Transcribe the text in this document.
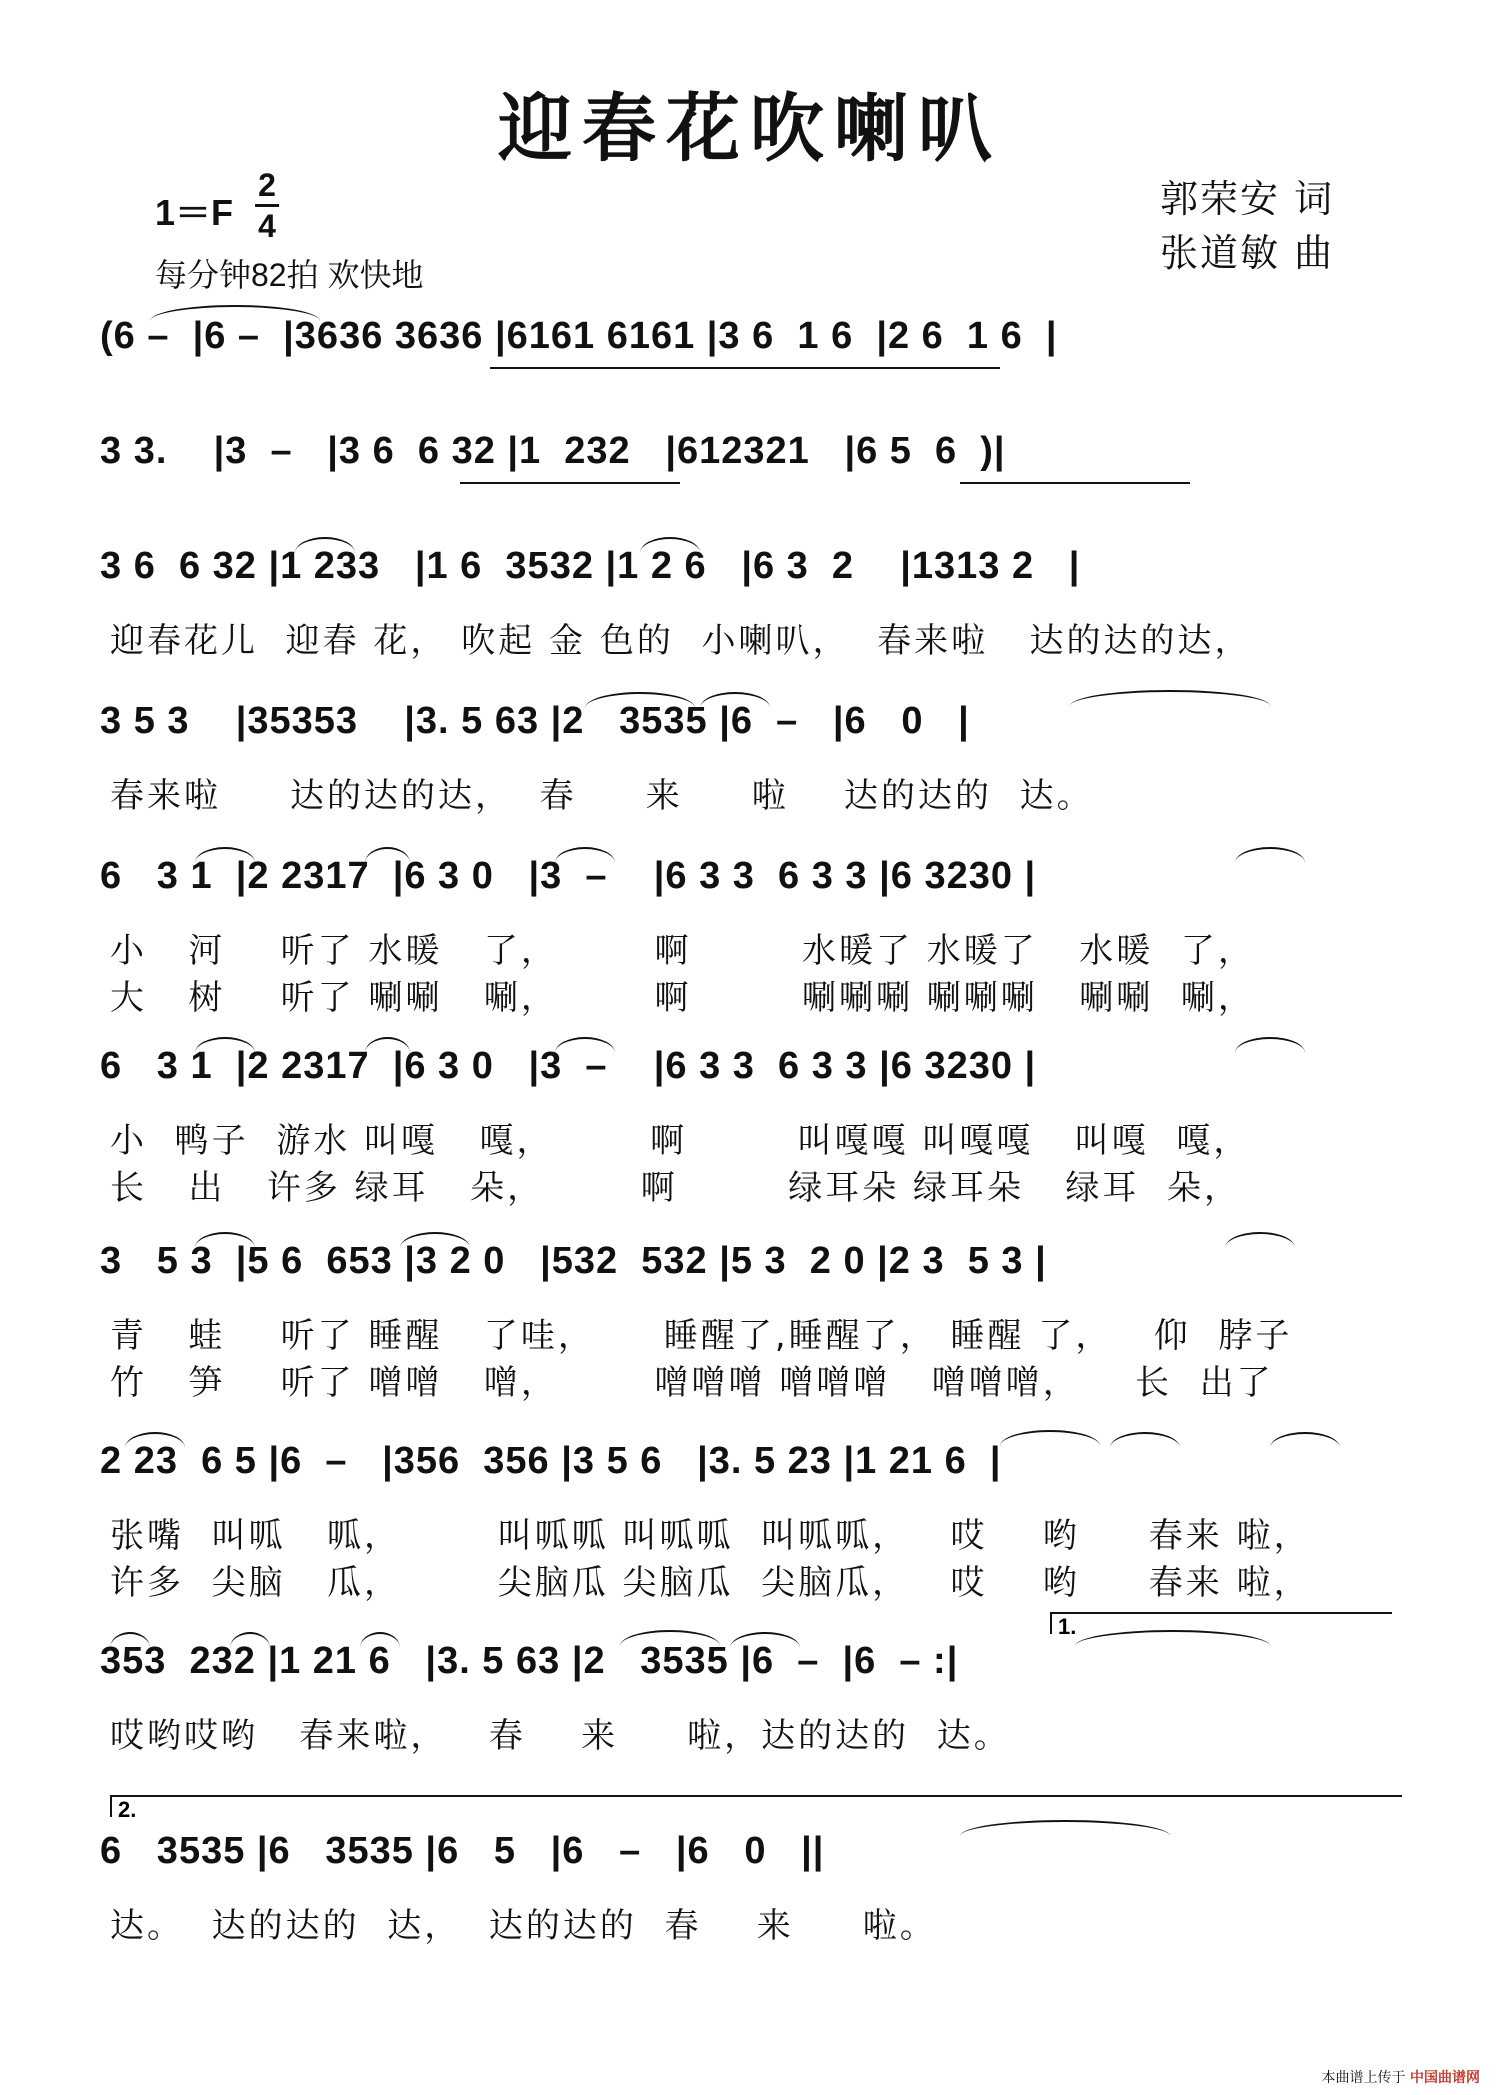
迎春花吹喇叭
1＝F
2
4
每分钟82拍 欢快地
郭荣安 词
张道敏 曲
(6 –  |6 –  |3636 3636 |6161 6161 |3 6  1 6  |2 6  1 6  |
3 3.    |3  –   |3 6  6 32 |1  232   |612321   |6 5  6  )|
3 6  6 32 |1 233   |1 6  3532 |1 2 6   |6 3  2    |1313 2   |
迎春花儿  迎春 花， 吹起 金 色的  小喇叭，  春来啦   达的达的达，
3 5 3    |35353    |3. 5 63 |2   3535 |6  –   |6   0   |
春来啦     达的达的达，  春     来     啦    达的达的  达。
6   3 1  |2 2317  |6 3 0   |3  –    |6 3 3  6 3 3 |6 3230 |
小   河    听了 水暖   了，       啊        水暖了 水暖了   水暖  了，
大   树    听了 唰唰   唰，       啊        唰唰唰 唰唰唰   唰唰  唰，
6   3 1  |2 2317  |6 3 0   |3  –    |6 3 3  6 3 3 |6 3230 |
小  鸭子  游水 叫嘎   嘎，       啊        叫嘎嘎 叫嘎嘎   叫嘎  嘎，
长   出   许多 绿耳   朵，       啊        绿耳朵 绿耳朵   绿耳  朵，
3   5 3  |5 6  653 |3 2 0   |532  532 |5 3  2 0 |2 3  5 3 |
青   蛙    听了 睡醒   了哇，     睡醒了,睡醒了， 睡醒 了，   仰  脖子
竹   笋    听了 噌噌   噌，       噌噌噌 噌噌噌   噌噌噌，    长  出了
2 23  6 5 |6  –   |356  356 |3 5 6   |3. 5 23 |1 21 6  |
张嘴  叫呱   呱，       叫呱呱 叫呱呱  叫呱呱，   哎    哟     春来 啦，
许多  尖脑   瓜，       尖脑瓜 尖脑瓜  尖脑瓜，   哎    哟     春来 啦，
1.
353  232 |1 21 6   |3. 5 63 |2   3535 |6  –  |6  – :|
哎哟哎哟   春来啦，   春    来     啦，达的达的  达。
2.
6   3535 |6   3535 |6   5   |6   –   |6   0   ||
达。  达的达的  达，  达的达的  春    来     啦。
本曲谱上传于 中国曲谱网
